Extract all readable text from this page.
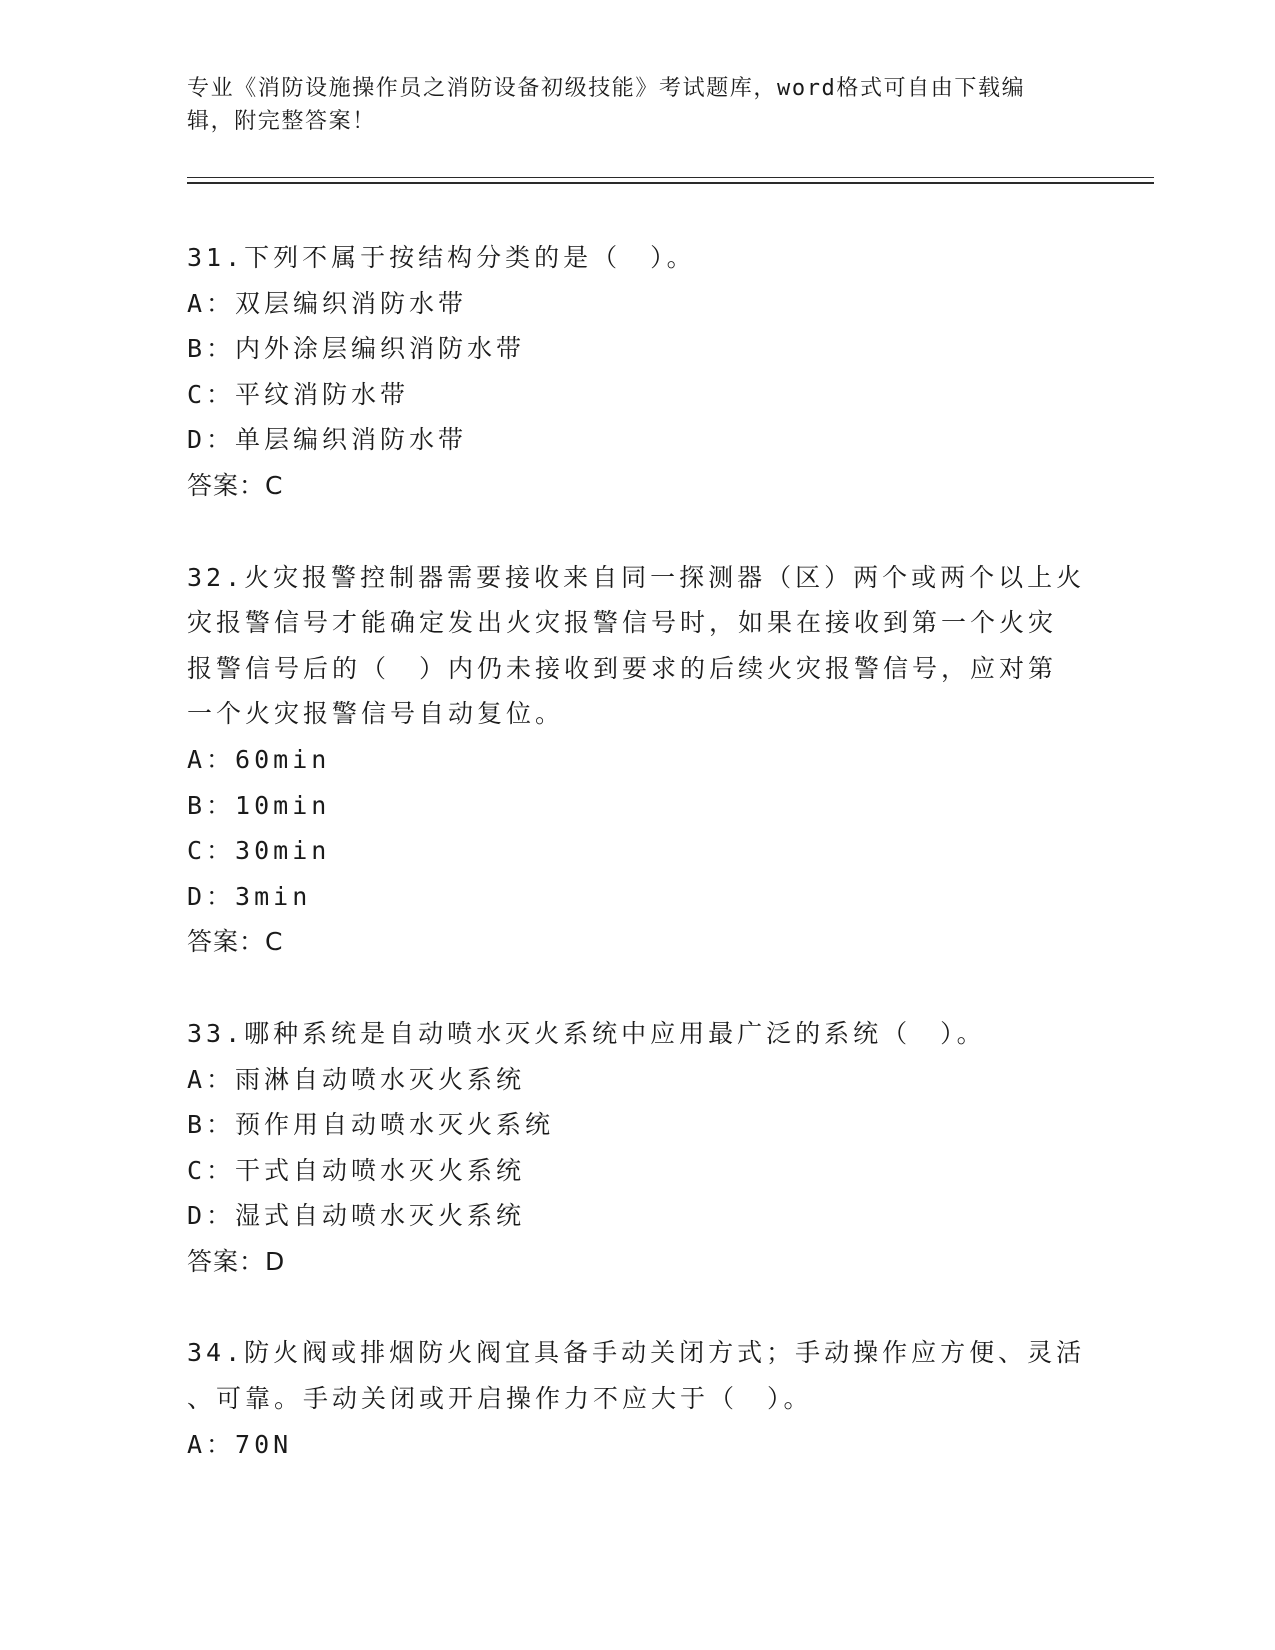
专业《消防设施操作员之消防设备初级技能》考试题库，word格式可自由下载编
辑，附完整答案！
31.下列不属于按结构分类的是（　）。
A：双层编织消防水带
B：内外涂层编织消防水带
C：平纹消防水带
D：单层编织消防水带
答案：C
32.火灾报警控制器需要接收来自同一探测器（区）两个或两个以上火
灾报警信号才能确定发出火灾报警信号时，如果在接收到第一个火灾
报警信号后的（　）内仍未接收到要求的后续火灾报警信号，应对第
一个火灾报警信号自动复位。
A：60min
B：10min
C：30min
D：3min
答案：C
33.哪种系统是自动喷水灭火系统中应用最广泛的系统（　）。
A：雨淋自动喷水灭火系统
B：预作用自动喷水灭火系统
C：干式自动喷水灭火系统
D：湿式自动喷水灭火系统
答案：D
34.防火阀或排烟防火阀宜具备手动关闭方式；手动操作应方便、灵活
、可靠。手动关闭或开启操作力不应大于（　）。
A：70N
